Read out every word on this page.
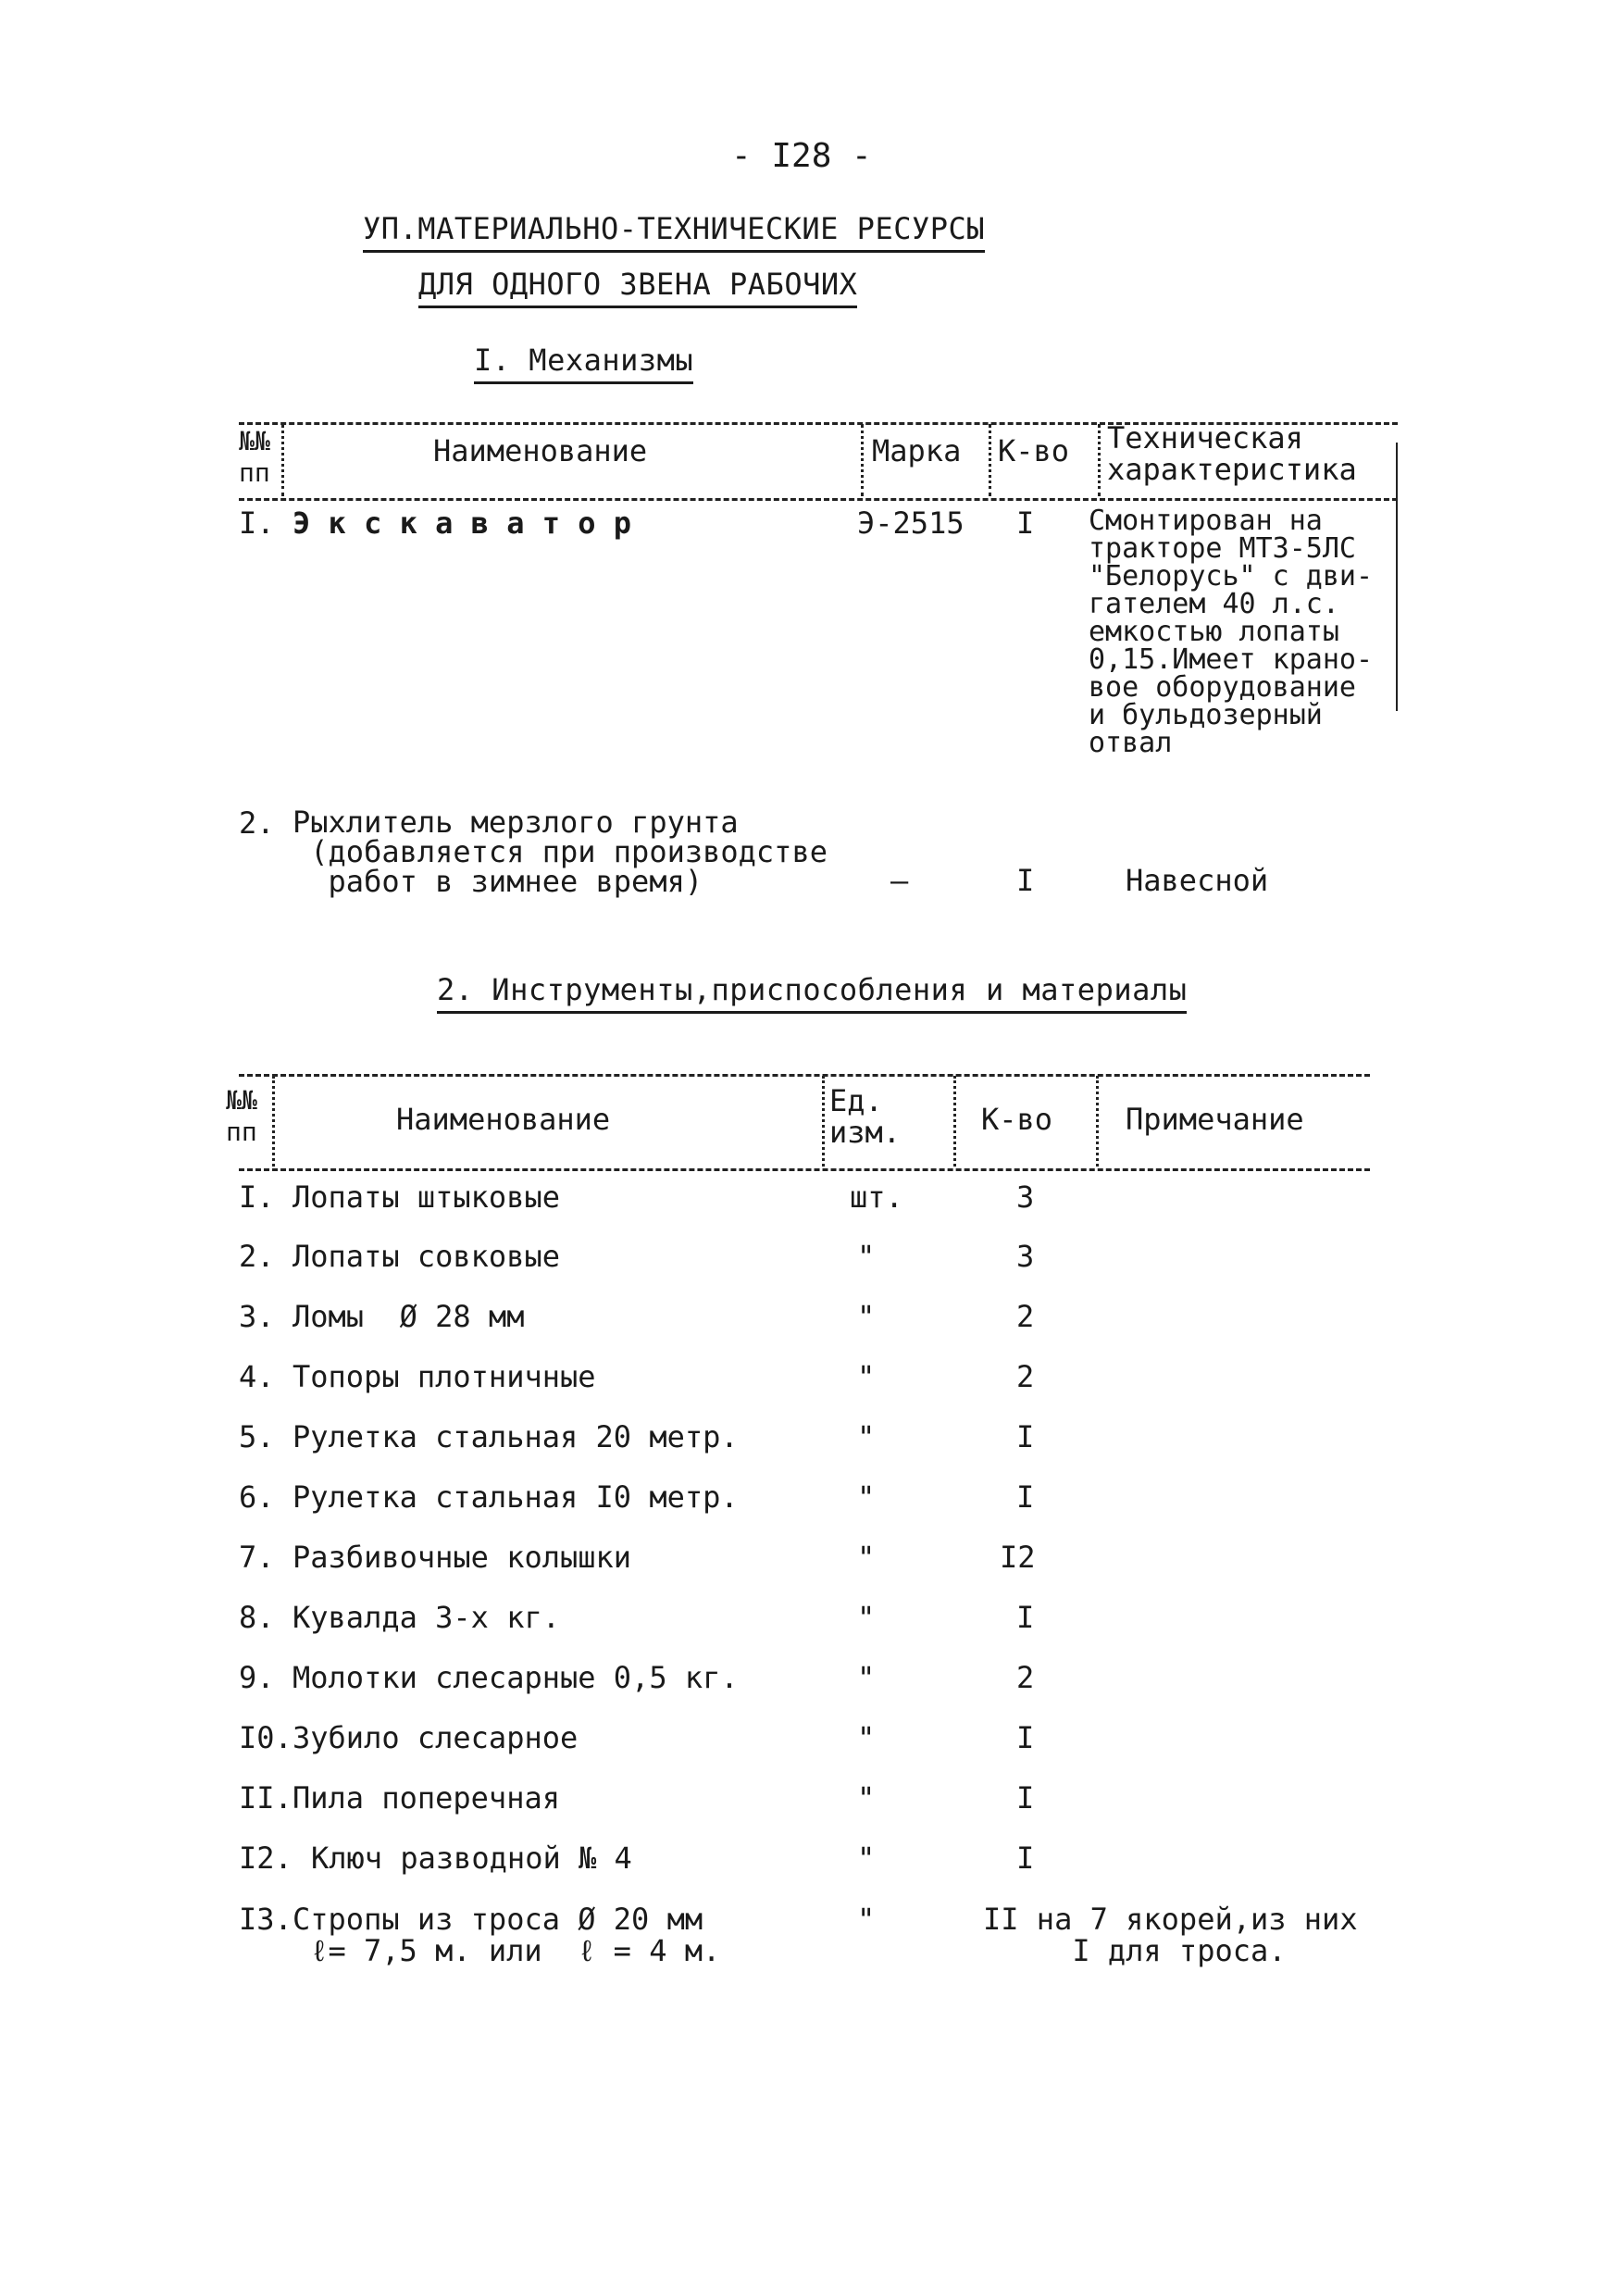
- I28 -
УП.МАТЕРИАЛЬНО-ТЕХНИЧЕСКИЕ РЕСУРСЫ
ДЛЯ ОДНОГО ЗВЕНА РАБОЧИХ
I. Механизмы
№№
пп
Наименование	Марка К-во Техническая
характеристика
I. Э к с к а в а т о р	Э-2515 I Смонтирован на
тракторе МТЗ-5ЛС
"Белорусь" с дви-
гателем 40 л.с.
емкостью лопаты
0,15.Имеет крано-
вое оборудование
и бульдозерный
отвал
2. Рыхлитель мерзлого грунта
(добавляется при производстве
работ в зимнее время)	–	I	Навесной
2. Инструменты,приспособления и материалы
№№
пп	Наименование
Ед.
изм.	К-во Примечание
I. Лопаты штыковые	шт.	3
2. Лопаты совковые	"	3
3. Ломы  Ø 28 мм	"	2
4. Топоры плотничные	"	2
5. Рулетка стальная 20 метр.	"	I
6. Рулетка стальная I0 метр.	"	I
7. Разбивочные колышки	"	I2
8. Кувалда 3-х кг.	"	I
9. Молотки слесарные 0,5 кг.	"	2
I0. Зубило слесарное	"	I
II. Пила поперечная	"	I
I2. Ключ разводной № 4	"	I
I3. Стропы из троса Ø 20 мм
ℓ= 7,5 м. или  ℓ = 4 м.
"	II на 7 якорей,из них
I для троса.
